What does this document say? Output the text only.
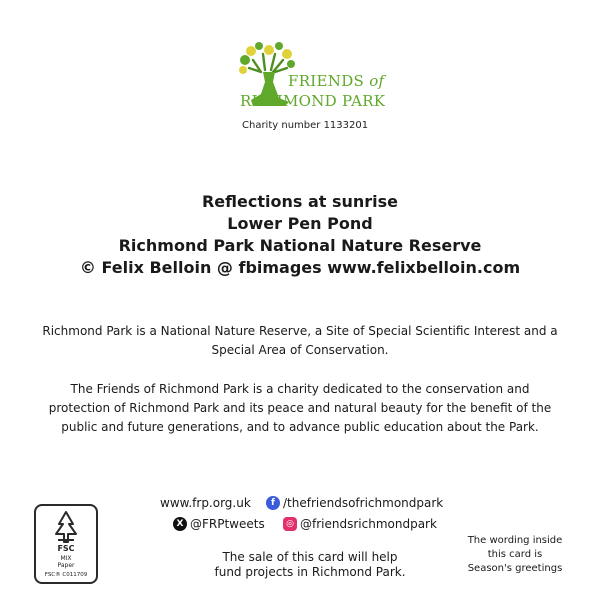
FRIENDS of
RICHMOND PARK
Charity number 1133201
Reflections at sunrise
Lower Pen Pond
Richmond Park National Nature Reserve
© Felix Belloin @ fbimages www.felixbelloin.com
Richmond Park is a National Nature Reserve, a Site of Special Scientific Interest and a Special Area of Conservation.
The Friends of Richmond Park is a charity dedicated to the conservation and protection of Richmond Park and its peace and natural beauty for the benefit of the public and future generations, and to advance public education about the Park.
www.frp.org.uk	f /thefriendsofrichmondpark
X @FRPtweets	◎ @friendsrichmondpark
The sale of this card will help
fund projects in Richmond Park.
The wording inside
this card is
Season's greetings
FSC
MIX
Paper
FSC® C011709
